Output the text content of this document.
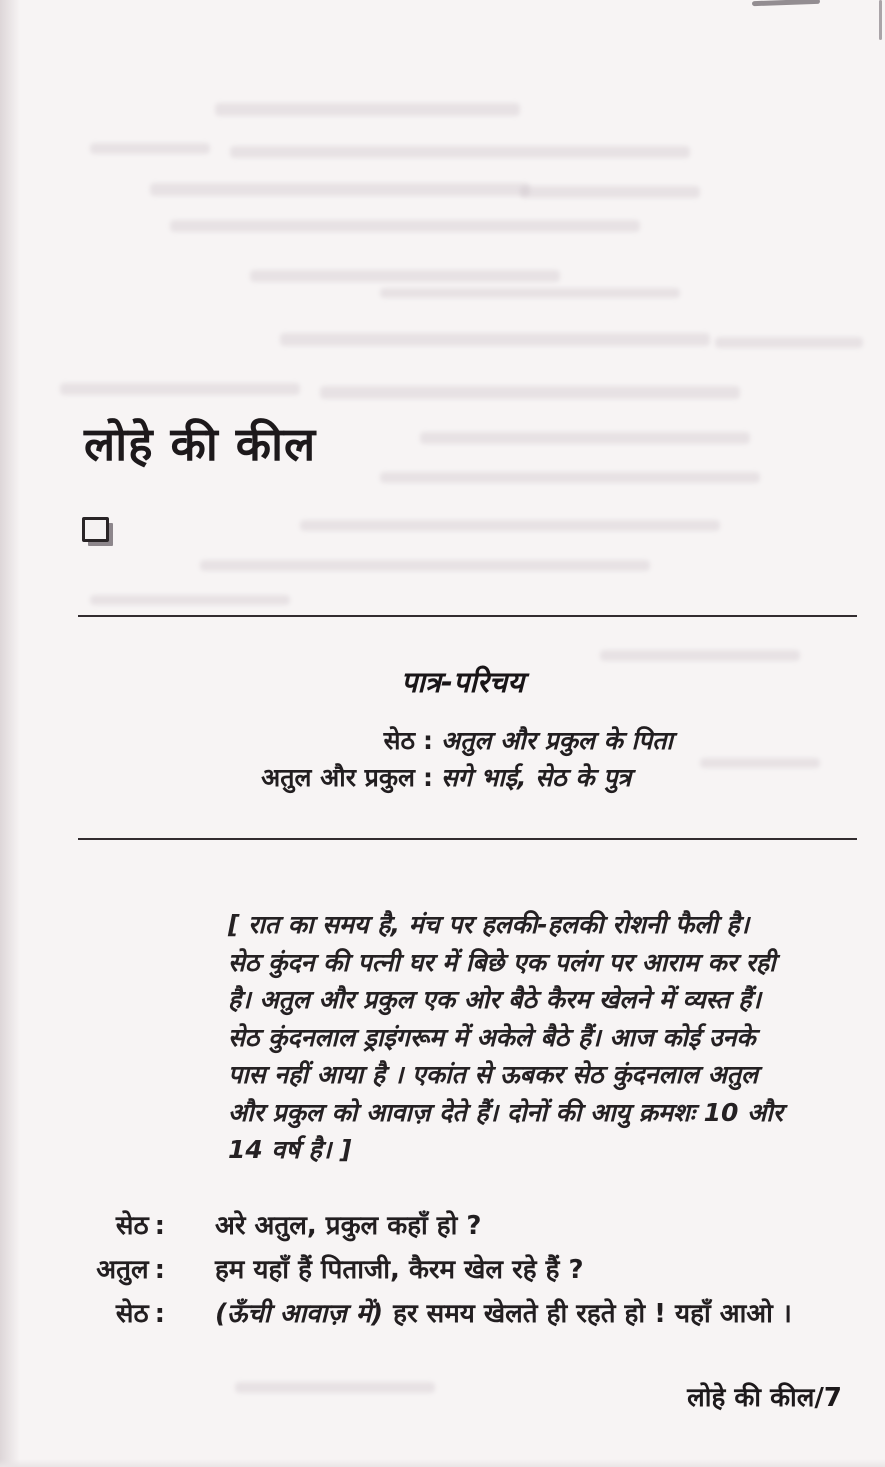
लोहे की कील
पात्र-परिचय
सेठ : अतुल और प्रकुल के पिता
अतुल और प्रकुल : सगे भाई, सेठ के पुत्र
[ रात का समय है, मंच पर हलकी-हलकी रोशनी फैली है।
सेठ कुंदन की पत्नी घर में बिछे एक पलंग पर आराम कर रही
है। अतुल और प्रकुल एक ओर बैठे कैरम खेलने में व्यस्त हैं।
सेठ कुंदनलाल ड्राइंगरूम में अकेले बैठे हैं। आज कोई उनके
पास नहीं आया है । एकांत से ऊबकर सेठ कुंदनलाल अतुल
और प्रकुल को आवाज़ देते हैं। दोनों की आयु क्रमशः 10 और
14 वर्ष है। ]
सेठ : अरे अतुल, प्रकुल कहाँ हो ?
अतुल : हम यहाँ हैं पिताजी, कैरम खेल रहे हैं ?
सेठ : (ऊँची आवाज़ में) हर समय खेलते ही रहते हो ! यहाँ आओ ।
लोहे की कील/7
